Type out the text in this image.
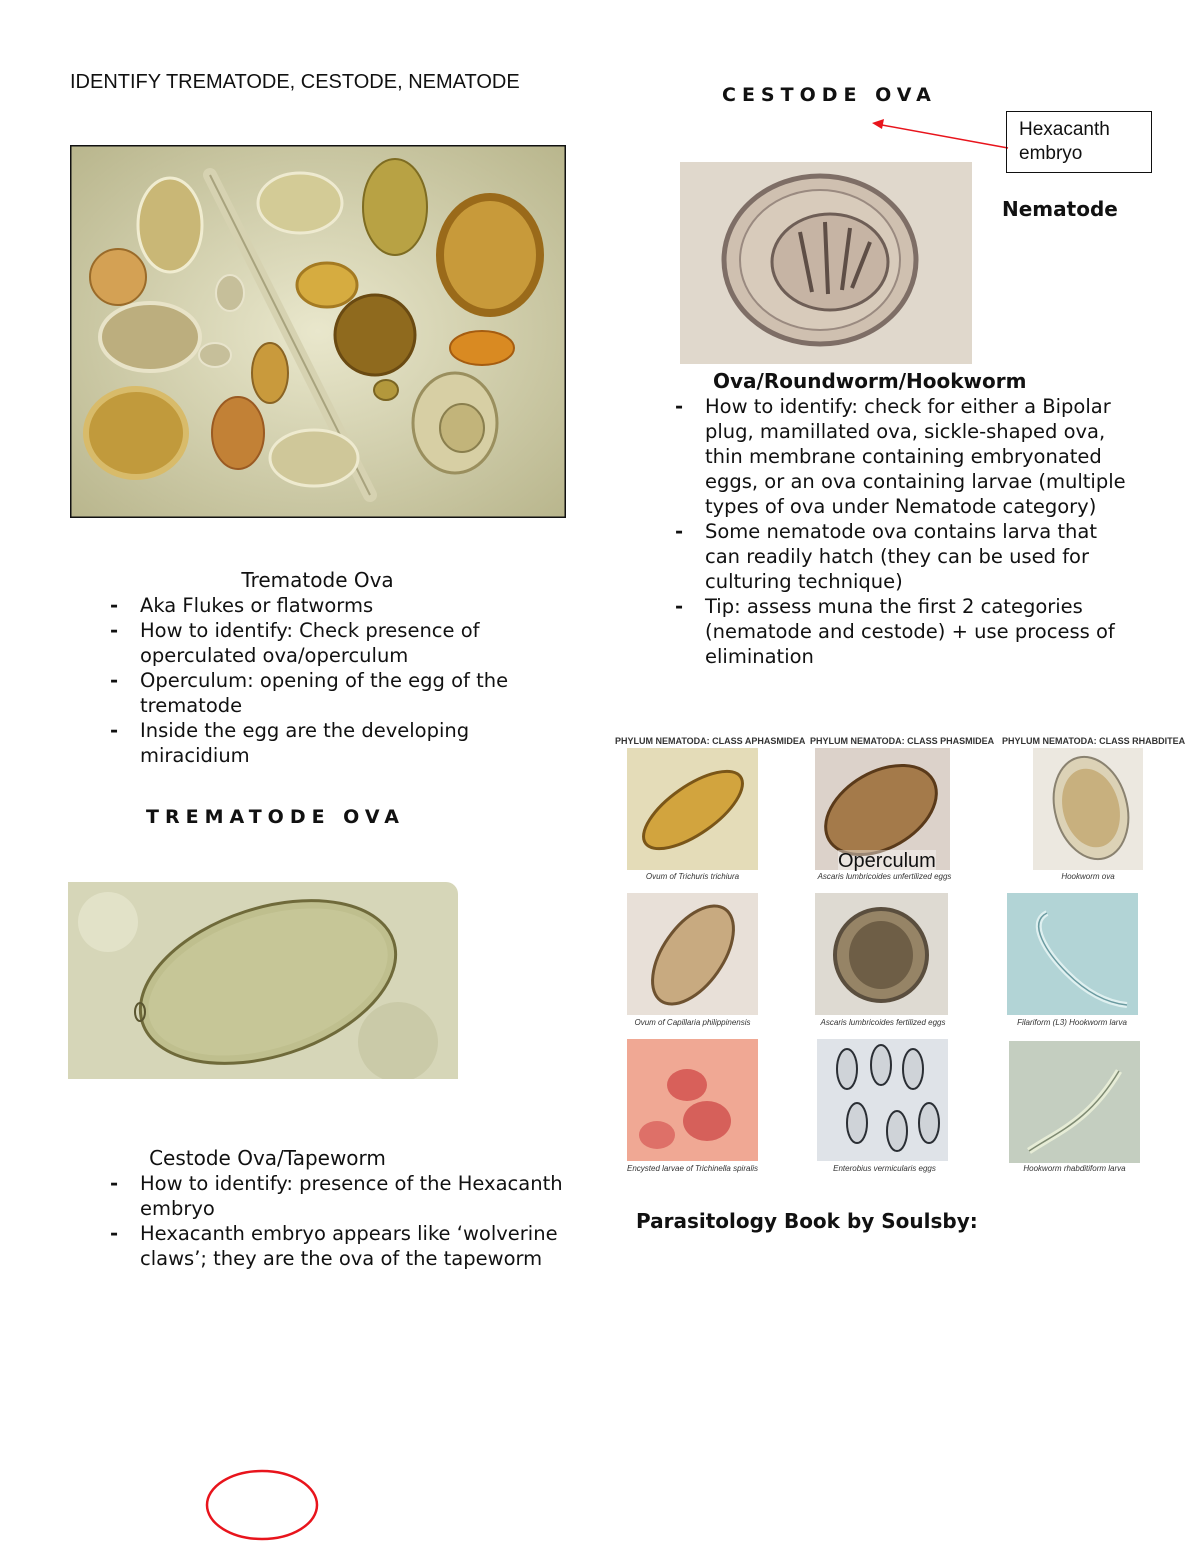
IDENTIFY TREMATODE, CESTODE, NEMATODE
Trematode Ova
- Aka Flukes or flatworms
- How to identify: Check presence of operculated ova/operculum
- Operculum: opening of the egg of the trematode
- Inside the egg are the developing miracidium
TREMATODE OVA
Cestode Ova/Tapeworm
- How to identify: presence of the Hexacanth embryo
- Hexacanth embryo appears like ‘wolverine claws’; they are the ova of the tapeworm
CESTODE OVA
Hexacanth embryo
Nematode
Ova/Roundworm/Hookworm
- How to identify: check for either a Bipolar plug, mamillated ova, sickle-shaped ova, thin membrane containing embryonated eggs, or an ova containing larvae (multiple types of ova under Nematode category)
- Some nematode ova contains larva that can readily hatch (they can be used for culturing technique)
- Tip: assess muna the first 2 categories (nematode and cestode) + use process of elimination
PHYLUM NEMATODA: CLASS APHASMIDEA PHYLUM NEMATODA: CLASS PHASMIDEA PHYLUM NEMATODA: CLASS RHABDITEA
Ovum of Trichuris trichiura	Ascaris lumbricoides unfertilized eggs	Hookworm ova
Operculum
Ovum of Capillaria philippinensis	Ascaris lumbricoides fertilized eggs	Filariform (L3) Hookworm larva
Encysted larvae of Trichinella spiralis	Enterobius vermicularis eggs	Hookworm rhabditiform larva
Parasitology Book by Soulsby:
